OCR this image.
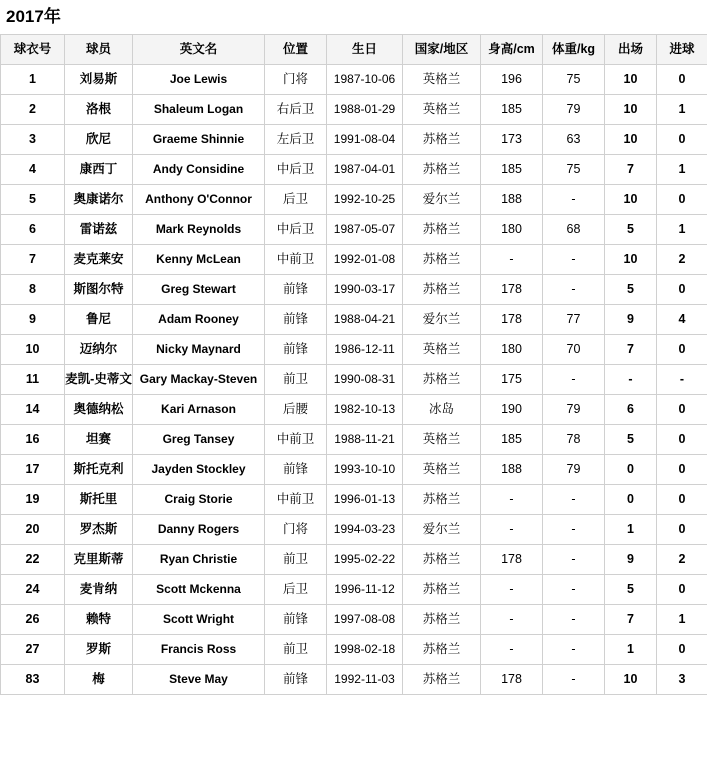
2017年
球衣号	球员	英文名	位置	生日	国家/地区	身高/cm	体重/kg	出场	进球
1	刘易斯	Joe Lewis	门将	1987-10-06	英格兰	196	75	10	0
2	洛根	Shaleum Logan	右后卫	1988-01-29	英格兰	185	79	10	1
3	欣尼	Graeme Shinnie	左后卫	1991-08-04	苏格兰	173	63	10	0
4	康西丁	Andy Considine	中后卫	1987-04-01	苏格兰	185	75	7	1
5	奥康诺尔	Anthony O'Connor	后卫	1992-10-25	爱尔兰	188	-	10	0
6	雷诺兹	Mark Reynolds	中后卫	1987-05-07	苏格兰	180	68	5	1
7	麦克莱安	Kenny McLean	中前卫	1992-01-08	苏格兰	-	-	10	2
8	斯图尔特	Greg Stewart	前锋	1990-03-17	苏格兰	178	-	5	0
9	鲁尼	Adam Rooney	前锋	1988-04-21	爱尔兰	178	77	9	4
10	迈纳尔	Nicky Maynard	前锋	1986-12-11	英格兰	180	70	7	0
11	麦凯-史蒂文	Gary Mackay-Steven	前卫	1990-08-31	苏格兰	175	-	-	-
14	奥德纳松	Kari Arnason	后腰	1982-10-13	冰岛	190	79	6	0
16	坦赛	Greg Tansey	中前卫	1988-11-21	英格兰	185	78	5	0
17	斯托克利	Jayden Stockley	前锋	1993-10-10	英格兰	188	79	0	0
19	斯托里	Craig Storie	中前卫	1996-01-13	苏格兰	-	-	0	0
20	罗杰斯	Danny Rogers	门将	1994-03-23	爱尔兰	-	-	1	0
22	克里斯蒂	Ryan Christie	前卫	1995-02-22	苏格兰	178	-	9	2
24	麦肯纳	Scott Mckenna	后卫	1996-11-12	苏格兰	-	-	5	0
26	赖特	Scott Wright	前锋	1997-08-08	苏格兰	-	-	7	1
27	罗斯	Francis Ross	前卫	1998-02-18	苏格兰	-	-	1	0
83	梅	Steve May	前锋	1992-11-03	苏格兰	178	-	10	3
